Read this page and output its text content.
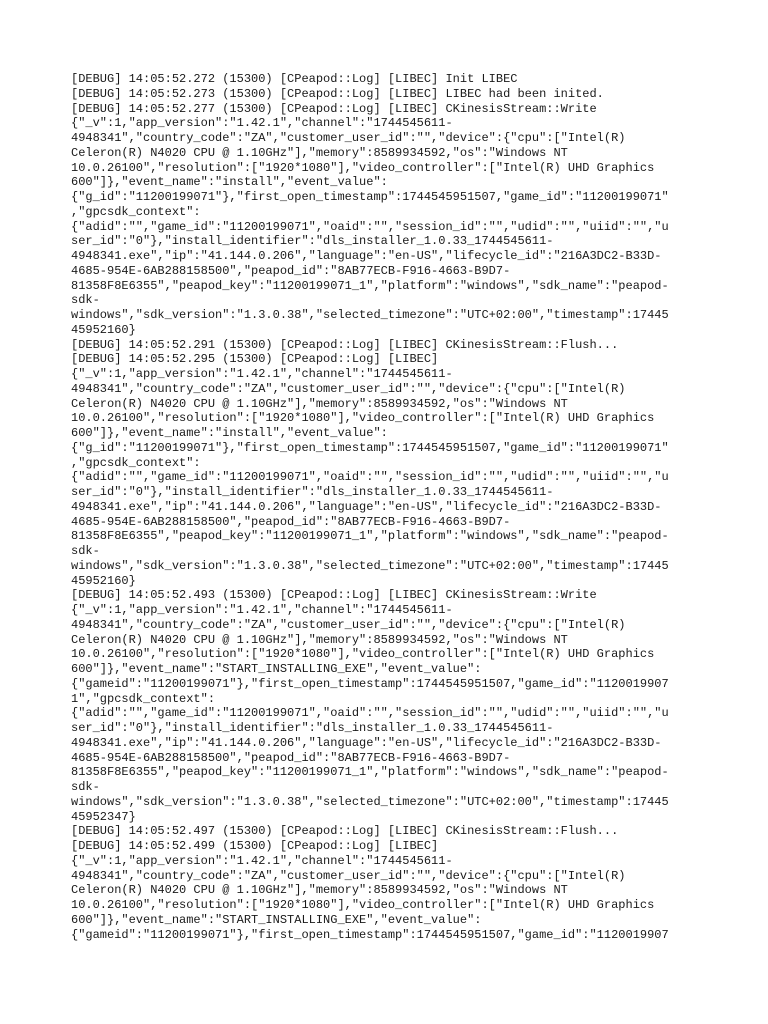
[DEBUG] 14:05:52.272 (15300) [CPeapod::Log] [LIBEC] Init LIBEC
[DEBUG] 14:05:52.273 (15300) [CPeapod::Log] [LIBEC] LIBEC had been inited.
[DEBUG] 14:05:52.277 (15300) [CPeapod::Log] [LIBEC] CKinesisStream::Write
{"_v":1,"app_version":"1.42.1","channel":"1744545611-
4948341","country_code":"ZA","customer_user_id":"","device":{"cpu":["Intel(R)
Celeron(R) N4020 CPU @ 1.10GHz"],"memory":8589934592,"os":"Windows NT
10.0.26100","resolution":["1920*1080"],"video_controller":["Intel(R) UHD Graphics
600"]},"event_name":"install","event_value":
{"g_id":"11200199071"},"first_open_timestamp":1744545951507,"game_id":"11200199071"
,"gpcsdk_context":
{"adid":"","game_id":"11200199071","oaid":"","session_id":"","udid":"","uiid":"","u
ser_id":"0"},"install_identifier":"dls_installer_1.0.33_1744545611-
4948341.exe","ip":"41.144.0.206","language":"en-US","lifecycle_id":"216A3DC2-B33D-
4685-954E-6AB288158500","peapod_id":"8AB77ECB-F916-4663-B9D7-
81358F8E6355","peapod_key":"11200199071_1","platform":"windows","sdk_name":"peapod-
sdk-
windows","sdk_version":"1.3.0.38","selected_timezone":"UTC+02:00","timestamp":17445
45952160}
[DEBUG] 14:05:52.291 (15300) [CPeapod::Log] [LIBEC] CKinesisStream::Flush...
[DEBUG] 14:05:52.295 (15300) [CPeapod::Log] [LIBEC]
{"_v":1,"app_version":"1.42.1","channel":"1744545611-
4948341","country_code":"ZA","customer_user_id":"","device":{"cpu":["Intel(R)
Celeron(R) N4020 CPU @ 1.10GHz"],"memory":8589934592,"os":"Windows NT
10.0.26100","resolution":["1920*1080"],"video_controller":["Intel(R) UHD Graphics
600"]},"event_name":"install","event_value":
{"g_id":"11200199071"},"first_open_timestamp":1744545951507,"game_id":"11200199071"
,"gpcsdk_context":
{"adid":"","game_id":"11200199071","oaid":"","session_id":"","udid":"","uiid":"","u
ser_id":"0"},"install_identifier":"dls_installer_1.0.33_1744545611-
4948341.exe","ip":"41.144.0.206","language":"en-US","lifecycle_id":"216A3DC2-B33D-
4685-954E-6AB288158500","peapod_id":"8AB77ECB-F916-4663-B9D7-
81358F8E6355","peapod_key":"11200199071_1","platform":"windows","sdk_name":"peapod-
sdk-
windows","sdk_version":"1.3.0.38","selected_timezone":"UTC+02:00","timestamp":17445
45952160}
[DEBUG] 14:05:52.493 (15300) [CPeapod::Log] [LIBEC] CKinesisStream::Write
{"_v":1,"app_version":"1.42.1","channel":"1744545611-
4948341","country_code":"ZA","customer_user_id":"","device":{"cpu":["Intel(R)
Celeron(R) N4020 CPU @ 1.10GHz"],"memory":8589934592,"os":"Windows NT
10.0.26100","resolution":["1920*1080"],"video_controller":["Intel(R) UHD Graphics
600"]},"event_name":"START_INSTALLING_EXE","event_value":
{"gameid":"11200199071"},"first_open_timestamp":1744545951507,"game_id":"1120019907
1","gpcsdk_context":
{"adid":"","game_id":"11200199071","oaid":"","session_id":"","udid":"","uiid":"","u
ser_id":"0"},"install_identifier":"dls_installer_1.0.33_1744545611-
4948341.exe","ip":"41.144.0.206","language":"en-US","lifecycle_id":"216A3DC2-B33D-
4685-954E-6AB288158500","peapod_id":"8AB77ECB-F916-4663-B9D7-
81358F8E6355","peapod_key":"11200199071_1","platform":"windows","sdk_name":"peapod-
sdk-
windows","sdk_version":"1.3.0.38","selected_timezone":"UTC+02:00","timestamp":17445
45952347}
[DEBUG] 14:05:52.497 (15300) [CPeapod::Log] [LIBEC] CKinesisStream::Flush...
[DEBUG] 14:05:52.499 (15300) [CPeapod::Log] [LIBEC]
{"_v":1,"app_version":"1.42.1","channel":"1744545611-
4948341","country_code":"ZA","customer_user_id":"","device":{"cpu":["Intel(R)
Celeron(R) N4020 CPU @ 1.10GHz"],"memory":8589934592,"os":"Windows NT
10.0.26100","resolution":["1920*1080"],"video_controller":["Intel(R) UHD Graphics
600"]},"event_name":"START_INSTALLING_EXE","event_value":
{"gameid":"11200199071"},"first_open_timestamp":1744545951507,"game_id":"1120019907
